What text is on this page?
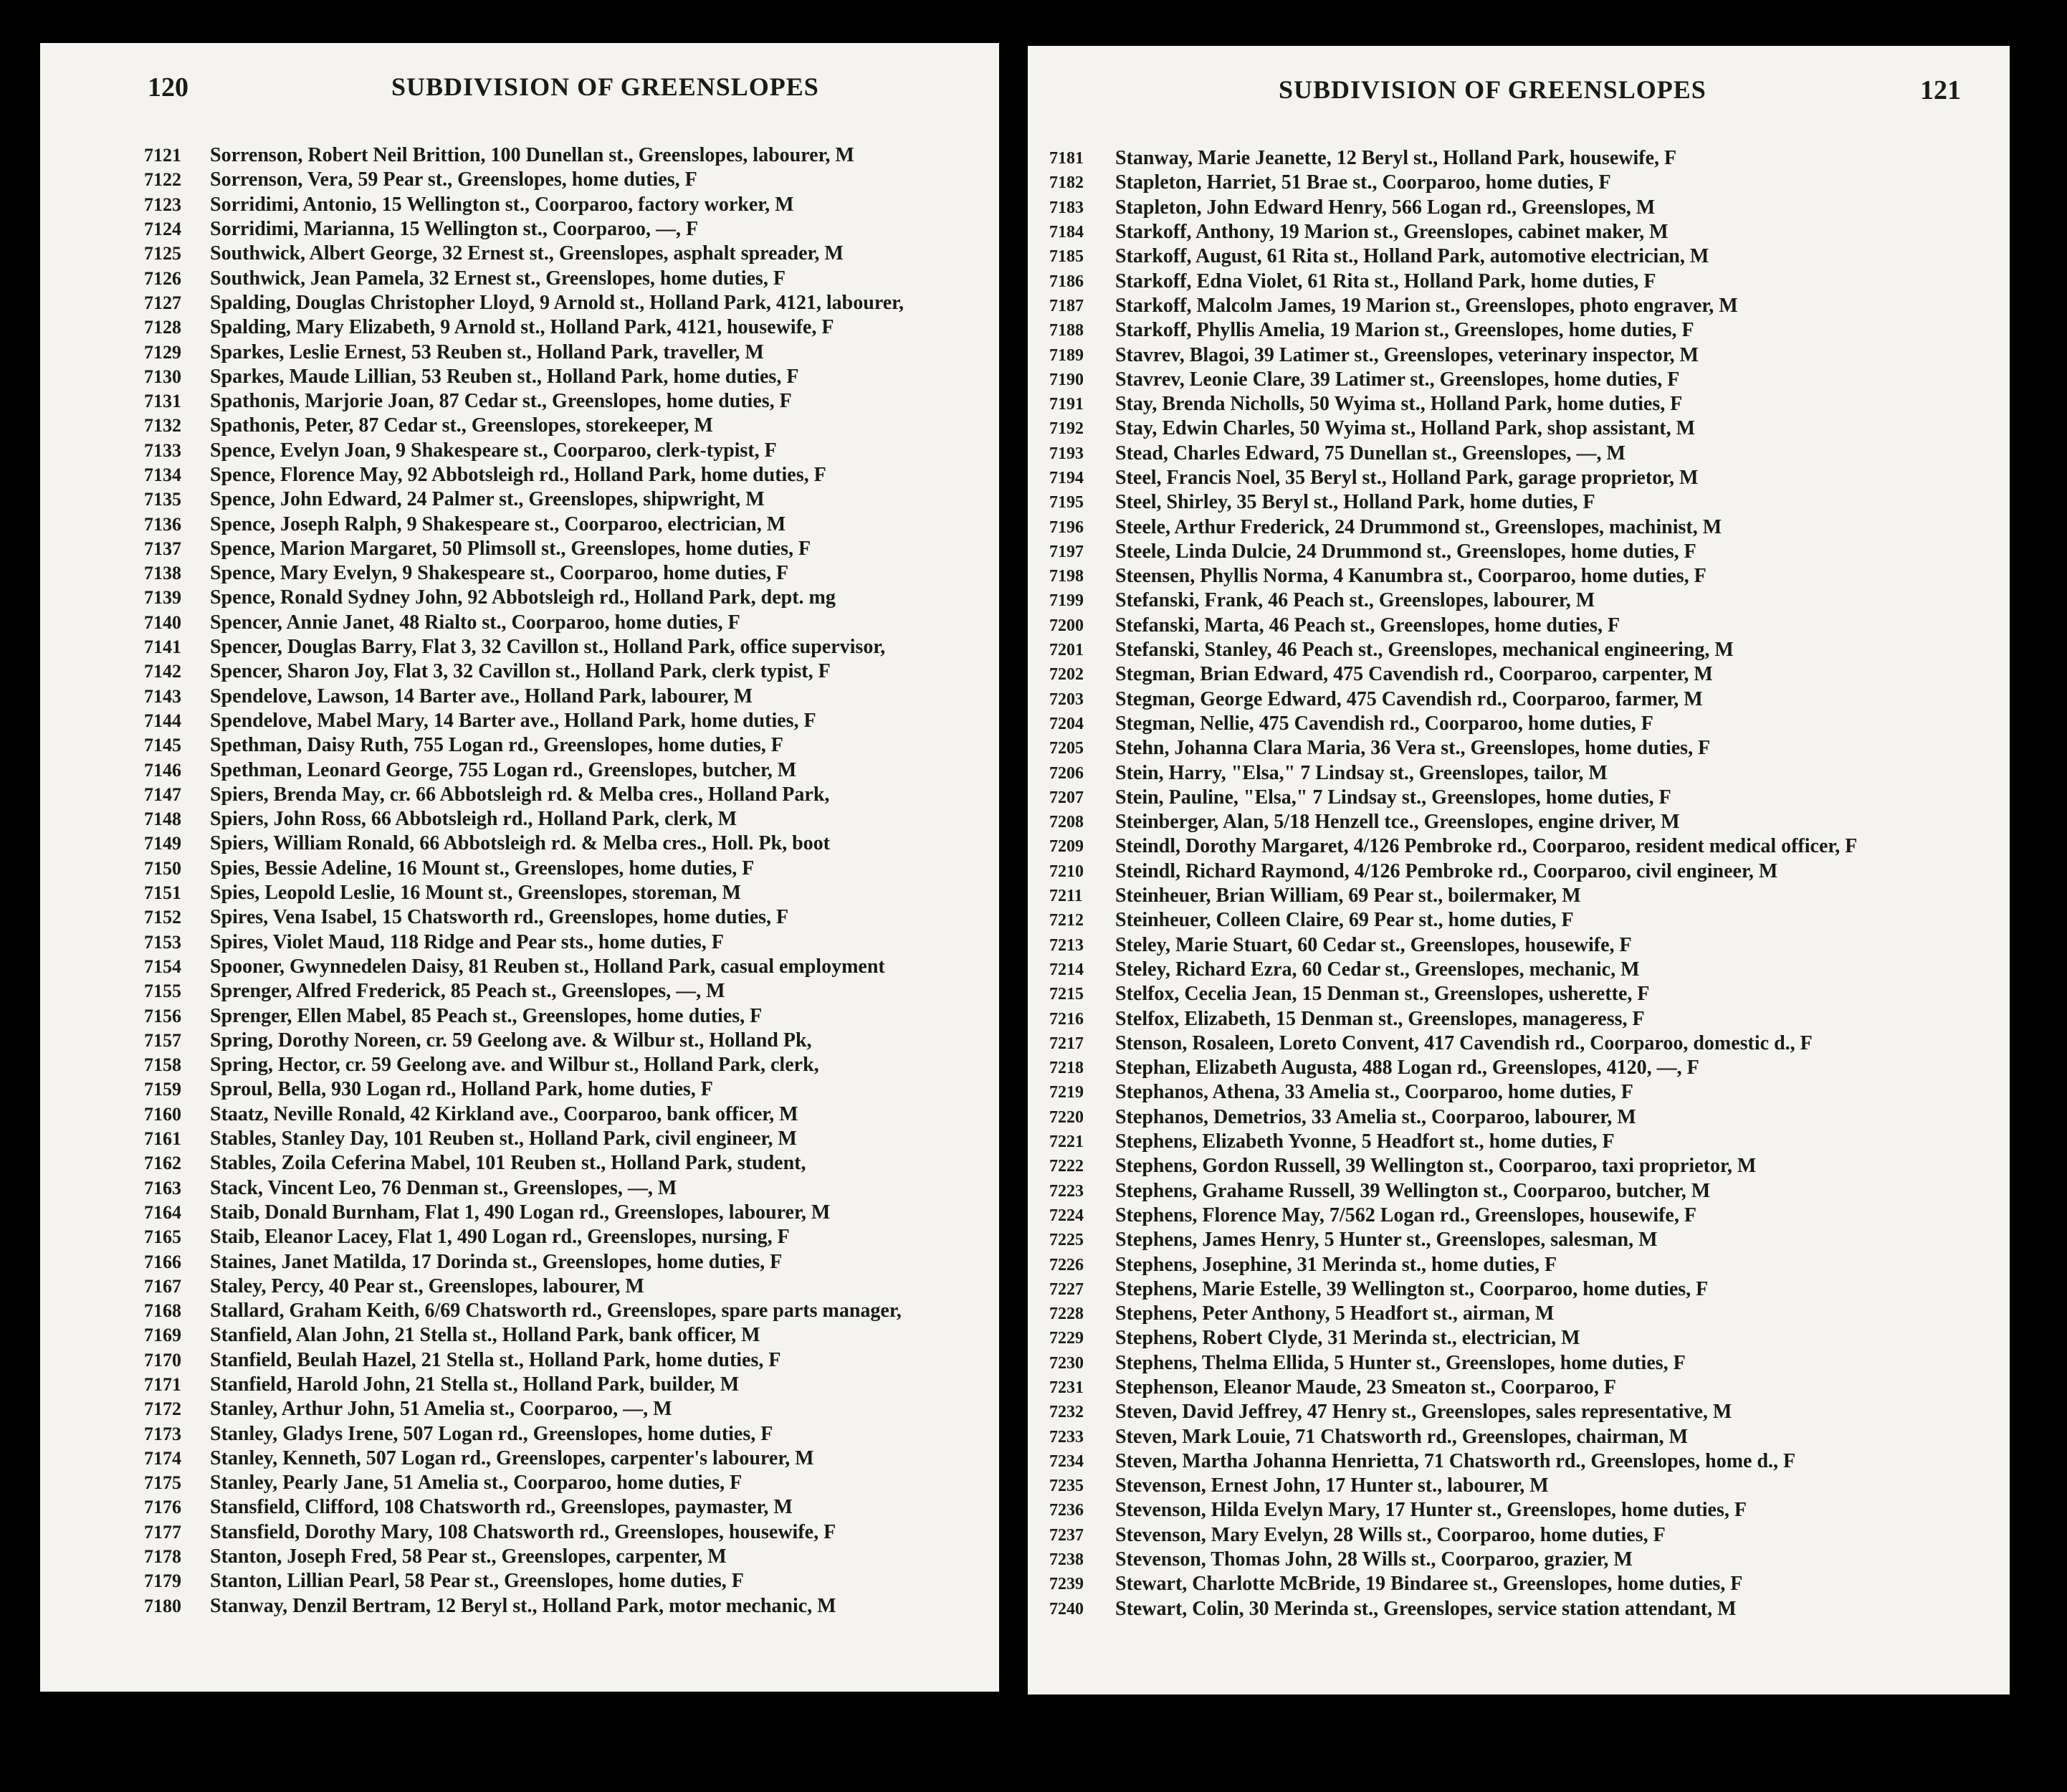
120	SUBDIVISION OF GREENSLOPES
7121	Sorrenson, Robert Neil Brittion, 100 Dunellan st., Greenslopes, labourer, M
7122	Sorrenson, Vera, 59 Pear st., Greenslopes, home duties, F
7123	Sorridimi, Antonio, 15 Wellington st., Coorparoo, factory worker, M
7124	Sorridimi, Marianna, 15 Wellington st., Coorparoo, —, F
7125	Southwick, Albert George, 32 Ernest st., Greenslopes, asphalt spreader, M
7126	Southwick, Jean Pamela, 32 Ernest st., Greenslopes, home duties, F
7127	Spalding, Douglas Christopher Lloyd, 9 Arnold st., Holland Park, 4121, labourer,
7128	Spalding, Mary Elizabeth, 9 Arnold st., Holland Park, 4121, housewife, F
7129	Sparkes, Leslie Ernest, 53 Reuben st., Holland Park, traveller, M
7130	Sparkes, Maude Lillian, 53 Reuben st., Holland Park, home duties, F
7131	Spathonis, Marjorie Joan, 87 Cedar st., Greenslopes, home duties, F
7132	Spathonis, Peter, 87 Cedar st., Greenslopes, storekeeper, M
7133	Spence, Evelyn Joan, 9 Shakespeare st., Coorparoo, clerk-typist, F
7134	Spence, Florence May, 92 Abbotsleigh rd., Holland Park, home duties, F
7135	Spence, John Edward, 24 Palmer st., Greenslopes, shipwright, M
7136	Spence, Joseph Ralph, 9 Shakespeare st., Coorparoo, electrician, M
7137	Spence, Marion Margaret, 50 Plimsoll st., Greenslopes, home duties, F
7138	Spence, Mary Evelyn, 9 Shakespeare st., Coorparoo, home duties, F
7139	Spence, Ronald Sydney John, 92 Abbotsleigh rd., Holland Park, dept. mg
7140	Spencer, Annie Janet, 48 Rialto st., Coorparoo, home duties, F
7141	Spencer, Douglas Barry, Flat 3, 32 Cavillon st., Holland Park, office supervisor,
7142	Spencer, Sharon Joy, Flat 3, 32 Cavillon st., Holland Park, clerk typist, F
7143	Spendelove, Lawson, 14 Barter ave., Holland Park, labourer, M
7144	Spendelove, Mabel Mary, 14 Barter ave., Holland Park, home duties, F
7145	Spethman, Daisy Ruth, 755 Logan rd., Greenslopes, home duties, F
7146	Spethman, Leonard George, 755 Logan rd., Greenslopes, butcher, M
7147	Spiers, Brenda May, cr. 66 Abbotsleigh rd. & Melba cres., Holland Park,
7148	Spiers, John Ross, 66 Abbotsleigh rd., Holland Park, clerk, M
7149	Spiers, William Ronald, 66 Abbotsleigh rd. & Melba cres., Holl. Pk, boot
7150	Spies, Bessie Adeline, 16 Mount st., Greenslopes, home duties, F
7151	Spies, Leopold Leslie, 16 Mount st., Greenslopes, storeman, M
7152	Spires, Vena Isabel, 15 Chatsworth rd., Greenslopes, home duties, F
7153	Spires, Violet Maud, 118 Ridge and Pear sts., home duties, F
7154	Spooner, Gwynnedelen Daisy, 81 Reuben st., Holland Park, casual employment
7155	Sprenger, Alfred Frederick, 85 Peach st., Greenslopes, —, M
7156	Sprenger, Ellen Mabel, 85 Peach st., Greenslopes, home duties, F
7157	Spring, Dorothy Noreen, cr. 59 Geelong ave. & Wilbur st., Holland Pk,
7158	Spring, Hector, cr. 59 Geelong ave. and Wilbur st., Holland Park, clerk,
7159	Sproul, Bella, 930 Logan rd., Holland Park, home duties, F
7160	Staatz, Neville Ronald, 42 Kirkland ave., Coorparoo, bank officer, M
7161	Stables, Stanley Day, 101 Reuben st., Holland Park, civil engineer, M
7162	Stables, Zoila Ceferina Mabel, 101 Reuben st., Holland Park, student,
7163	Stack, Vincent Leo, 76 Denman st., Greenslopes, —, M
7164	Staib, Donald Burnham, Flat 1, 490 Logan rd., Greenslopes, labourer, M
7165	Staib, Eleanor Lacey, Flat 1, 490 Logan rd., Greenslopes, nursing, F
7166	Staines, Janet Matilda, 17 Dorinda st., Greenslopes, home duties, F
7167	Staley, Percy, 40 Pear st., Greenslopes, labourer, M
7168	Stallard, Graham Keith, 6/69 Chatsworth rd., Greenslopes, spare parts manager,
7169	Stanfield, Alan John, 21 Stella st., Holland Park, bank officer, M
7170	Stanfield, Beulah Hazel, 21 Stella st., Holland Park, home duties, F
7171	Stanfield, Harold John, 21 Stella st., Holland Park, builder, M
7172	Stanley, Arthur John, 51 Amelia st., Coorparoo, —, M
7173	Stanley, Gladys Irene, 507 Logan rd., Greenslopes, home duties, F
7174	Stanley, Kenneth, 507 Logan rd., Greenslopes, carpenter's labourer, M
7175	Stanley, Pearly Jane, 51 Amelia st., Coorparoo, home duties, F
7176	Stansfield, Clifford, 108 Chatsworth rd., Greenslopes, paymaster, M
7177	Stansfield, Dorothy Mary, 108 Chatsworth rd., Greenslopes, housewife, F
7178	Stanton, Joseph Fred, 58 Pear st., Greenslopes, carpenter, M
7179	Stanton, Lillian Pearl, 58 Pear st., Greenslopes, home duties, F
7180	Stanway, Denzil Bertram, 12 Beryl st., Holland Park, motor mechanic, M
SUBDIVISION OF GREENSLOPES	121
7181	Stanway, Marie Jeanette, 12 Beryl st., Holland Park, housewife, F
7182	Stapleton, Harriet, 51 Brae st., Coorparoo, home duties, F
7183	Stapleton, John Edward Henry, 566 Logan rd., Greenslopes, M
7184	Starkoff, Anthony, 19 Marion st., Greenslopes, cabinet maker, M
7185	Starkoff, August, 61 Rita st., Holland Park, automotive electrician, M
7186	Starkoff, Edna Violet, 61 Rita st., Holland Park, home duties, F
7187	Starkoff, Malcolm James, 19 Marion st., Greenslopes, photo engraver, M
7188	Starkoff, Phyllis Amelia, 19 Marion st., Greenslopes, home duties, F
7189	Stavrev, Blagoi, 39 Latimer st., Greenslopes, veterinary inspector, M
7190	Stavrev, Leonie Clare, 39 Latimer st., Greenslopes, home duties, F
7191	Stay, Brenda Nicholls, 50 Wyima st., Holland Park, home duties, F
7192	Stay, Edwin Charles, 50 Wyima st., Holland Park, shop assistant, M
7193	Stead, Charles Edward, 75 Dunellan st., Greenslopes, —, M
7194	Steel, Francis Noel, 35 Beryl st., Holland Park, garage proprietor, M
7195	Steel, Shirley, 35 Beryl st., Holland Park, home duties, F
7196	Steele, Arthur Frederick, 24 Drummond st., Greenslopes, machinist, M
7197	Steele, Linda Dulcie, 24 Drummond st., Greenslopes, home duties, F
7198	Steensen, Phyllis Norma, 4 Kanumbra st., Coorparoo, home duties, F
7199	Stefanski, Frank, 46 Peach st., Greenslopes, labourer, M
7200	Stefanski, Marta, 46 Peach st., Greenslopes, home duties, F
7201	Stefanski, Stanley, 46 Peach st., Greenslopes, mechanical engineering, M
7202	Stegman, Brian Edward, 475 Cavendish rd., Coorparoo, carpenter, M
7203	Stegman, George Edward, 475 Cavendish rd., Coorparoo, farmer, M
7204	Stegman, Nellie, 475 Cavendish rd., Coorparoo, home duties, F
7205	Stehn, Johanna Clara Maria, 36 Vera st., Greenslopes, home duties, F
7206	Stein, Harry, "Elsa," 7 Lindsay st., Greenslopes, tailor, M
7207	Stein, Pauline, "Elsa," 7 Lindsay st., Greenslopes, home duties, F
7208	Steinberger, Alan, 5/18 Henzell tce., Greenslopes, engine driver, M
7209	Steindl, Dorothy Margaret, 4/126 Pembroke rd., Coorparoo, resident medical officer, F
7210	Steindl, Richard Raymond, 4/126 Pembroke rd., Coorparoo, civil engineer, M
7211	Steinheuer, Brian William, 69 Pear st., boilermaker, M
7212	Steinheuer, Colleen Claire, 69 Pear st., home duties, F
7213	Steley, Marie Stuart, 60 Cedar st., Greenslopes, housewife, F
7214	Steley, Richard Ezra, 60 Cedar st., Greenslopes, mechanic, M
7215	Stelfox, Cecelia Jean, 15 Denman st., Greenslopes, usherette, F
7216	Stelfox, Elizabeth, 15 Denman st., Greenslopes, manageress, F
7217	Stenson, Rosaleen, Loreto Convent, 417 Cavendish rd., Coorparoo, domestic d., F
7218	Stephan, Elizabeth Augusta, 488 Logan rd., Greenslopes, 4120, —, F
7219	Stephanos, Athena, 33 Amelia st., Coorparoo, home duties, F
7220	Stephanos, Demetrios, 33 Amelia st., Coorparoo, labourer, M
7221	Stephens, Elizabeth Yvonne, 5 Headfort st., home duties, F
7222	Stephens, Gordon Russell, 39 Wellington st., Coorparoo, taxi proprietor, M
7223	Stephens, Grahame Russell, 39 Wellington st., Coorparoo, butcher, M
7224	Stephens, Florence May, 7/562 Logan rd., Greenslopes, housewife, F
7225	Stephens, James Henry, 5 Hunter st., Greenslopes, salesman, M
7226	Stephens, Josephine, 31 Merinda st., home duties, F
7227	Stephens, Marie Estelle, 39 Wellington st., Coorparoo, home duties, F
7228	Stephens, Peter Anthony, 5 Headfort st., airman, M
7229	Stephens, Robert Clyde, 31 Merinda st., electrician, M
7230	Stephens, Thelma Ellida, 5 Hunter st., Greenslopes, home duties, F
7231	Stephenson, Eleanor Maude, 23 Smeaton st., Coorparoo, F
7232	Steven, David Jeffrey, 47 Henry st., Greenslopes, sales representative, M
7233	Steven, Mark Louie, 71 Chatsworth rd., Greenslopes, chairman, M
7234	Steven, Martha Johanna Henrietta, 71 Chatsworth rd., Greenslopes, home d., F
7235	Stevenson, Ernest John, 17 Hunter st., labourer, M
7236	Stevenson, Hilda Evelyn Mary, 17 Hunter st., Greenslopes, home duties, F
7237	Stevenson, Mary Evelyn, 28 Wills st., Coorparoo, home duties, F
7238	Stevenson, Thomas John, 28 Wills st., Coorparoo, grazier, M
7239	Stewart, Charlotte McBride, 19 Bindaree st., Greenslopes, home duties, F
7240	Stewart, Colin, 30 Merinda st., Greenslopes, service station attendant, M
